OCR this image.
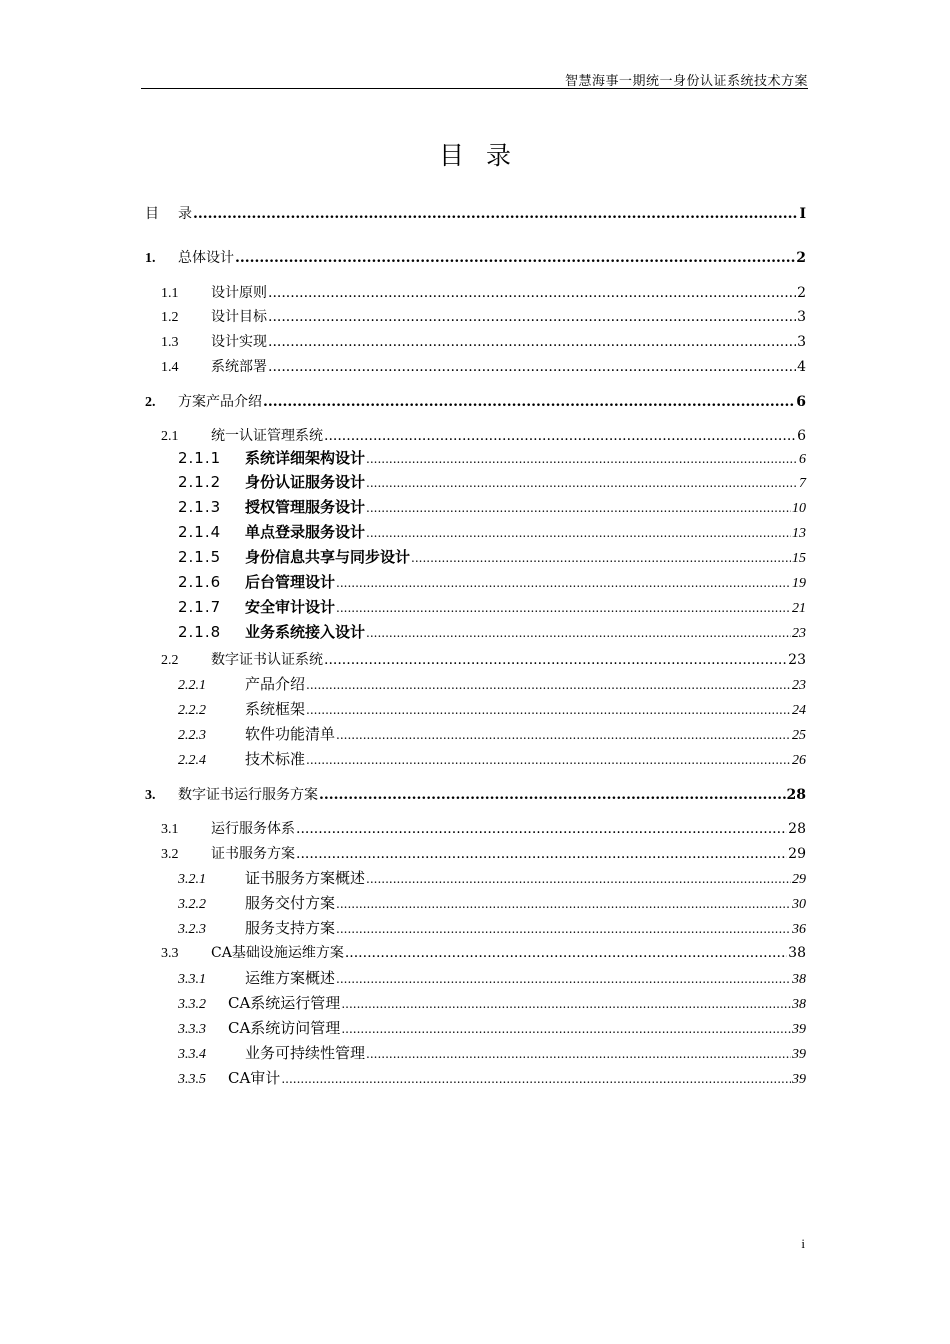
智慧海事一期统一身份认证系统技术方案
目录
目	录 .....	I
1.	总体设计 .....	2
1.1	设计原则 .....	2
1.2	设计目标 .....	3
1.3	设计实现 .....	3
1.4	系统部署 .....	4
2.	方案产品介绍 .....	6
2.1	统一认证管理系统 .....	6
2.1.1	系统详细架构设计 .....	6
2.1.2	身份认证服务设计 .....	7
2.1.3	授权管理服务设计 .....	10
2.1.4	单点登录服务设计 .....	13
2.1.5	身份信息共享与同步设计 .....	15
2.1.6	后台管理设计 .....	19
2.1.7	安全审计设计 .....	21
2.1.8	业务系统接入设计 .....	23
2.2	数字证书认证系统 .....	23
2.2.1	产品介绍 .....	23
2.2.2	系统框架 .....	24
2.2.3	软件功能清单 .....	25
2.2.4	技术标准 .....	26
3.	数字证书运行服务方案 .....	28
3.1	运行服务体系 .....	28
3.2	证书服务方案 .....	29
3.2.1	证书服务方案概述 .....	29
3.2.2	服务交付方案 .....	30
3.2.3	服务支持方案 .....	36
3.3	CA基础设施运维方案 .....	38
3.3.1	运维方案概述 .....	38
3.3.2	CA系统运行管理 .....	38
3.3.3	CA系统访问管理 .....	39
3.3.4	业务可持续性管理 .....	39
3.3.5	CA审计 .....	39
i
